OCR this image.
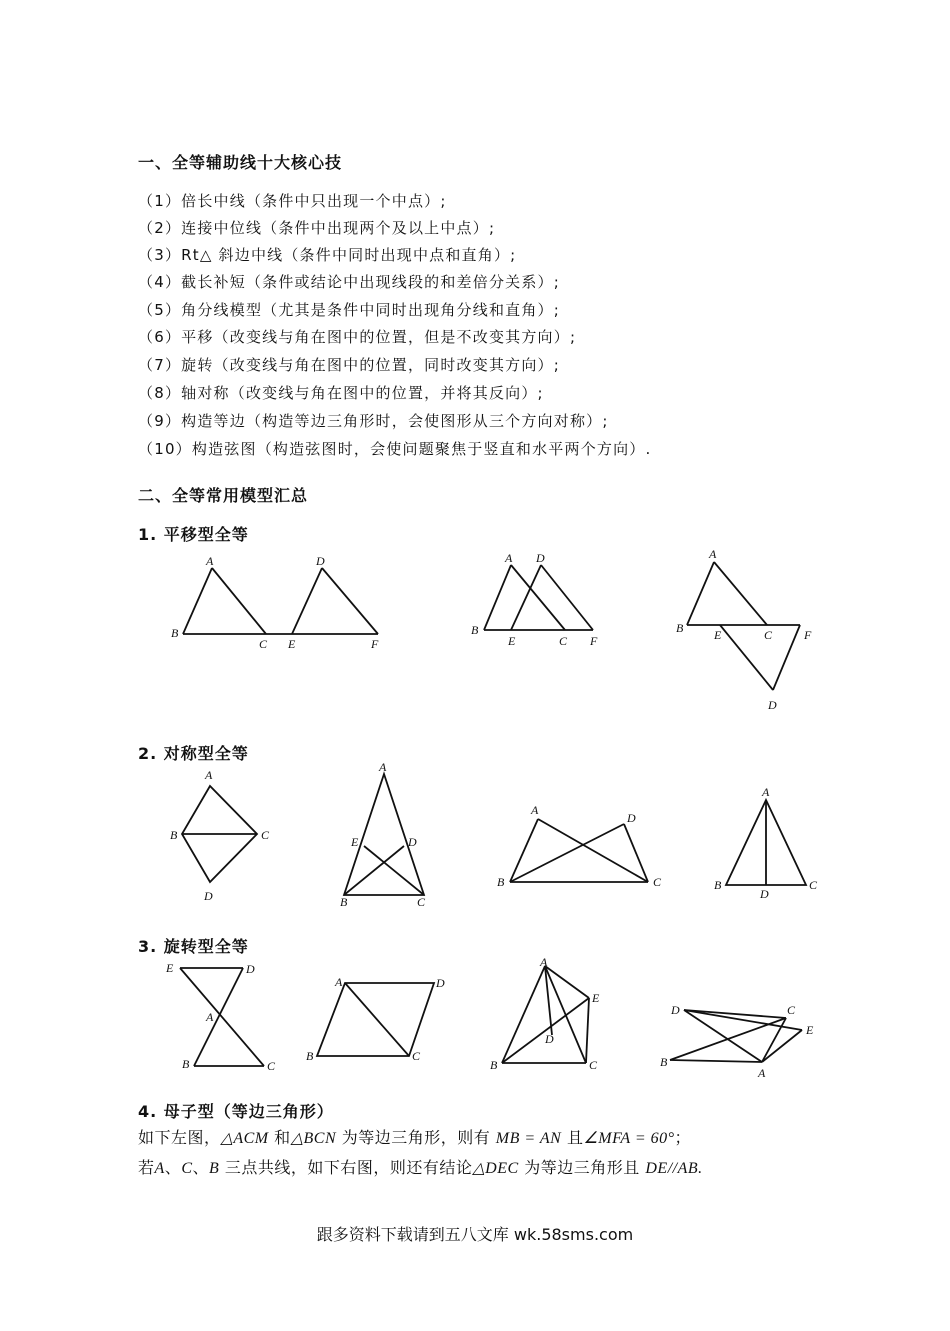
一、全等辅助线十大核心技
（1）倍长中线（条件中只出现一个中点）;
（2）连接中位线（条件中出现两个及以上中点）;
（3）Rt△ 斜边中线（条件中同时出现中点和直角）;
（4）截长补短（条件或结论中出现线段的和差倍分关系）;
（5）角分线模型（尤其是条件中同时出现角分线和直角）;
（6）平移（改变线与角在图中的位置，但是不改变其方向）;
（7）旋转（改变线与角在图中的位置，同时改变其方向）;
（8）轴对称（改变线与角在图中的位置，并将其反向）;
（9）构造等边（构造等边三角形时，会使图形从三个方向对称）;
（10）构造弦图（构造弦图时，会使问题聚焦于竖直和水平两个方向）.
二、全等常用模型汇总
1. 平移型全等
2. 对称型全等
3. 旋转型全等
4. 母子型（等边三角形）
如下左图，△ACM 和△BCN 为等边三角形，则有 MB = AN 且∠MFA = 60°；
若A、C、B 三点共线，如下右图，则还有结论△DEC 为等边三角形且 DE//AB.
A
B
C
D
E	F
A D
B
E	C F
A
B	E	C	F
D
A
B	C
D
A
E	D
B	C
A
D
B	C
A
B
D
C
E	D
A
B	C
A	D
B	C
A
E
D
B	C
D	C
E
B
A
跟多资料下载请到五八文库 wk.58sms.com
